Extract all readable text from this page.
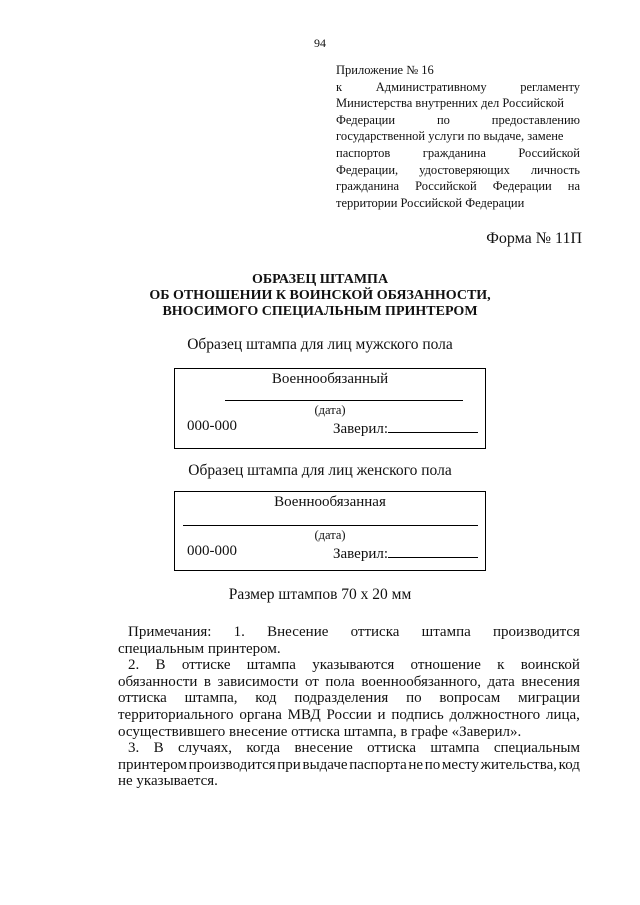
94
Приложение № 16
к	Административному	регламенту
Министерства внутренних дел Российской
Федерации	по	предоставлению
государственной услуги по выдаче, замене
паспортов	гражданина	Российской
Федерации, удостоверяющих личность
гражданина Российской Федерации на
территории Российской Федерации
Форма № 11П
ОБРАЗЕЦ ШТАМПА
ОБ ОТНОШЕНИИ К ВОИНСКОЙ ОБЯЗАННОСТИ,
ВНОСИМОГО СПЕЦИАЛЬНЫМ ПРИНТЕРОМ
Образец штампа для лиц мужского пола
Военнообязанный
(дата)
000-000	Заверил:
Образец штампа для лиц женского пола
Военнообязанная
(дата)
000-000	Заверил:
Размер штампов 70 х 20 мм
Примечания: 1. Внесение оттиска штампа производится
специальным принтером.
2. В оттиске штампа указываются отношение к воинской
обязанности в зависимости от пола военнообязанного, дата внесения
оттиска штампа, код подразделения по вопросам миграции
территориального органа МВД России и подпись должностного лица,
осуществившего внесение оттиска штампа, в графе «Заверил».
3. В случаях, когда внесение оттиска штампа специальным
принтером производится при выдаче паспорта не по месту жительства, код
не указывается.
